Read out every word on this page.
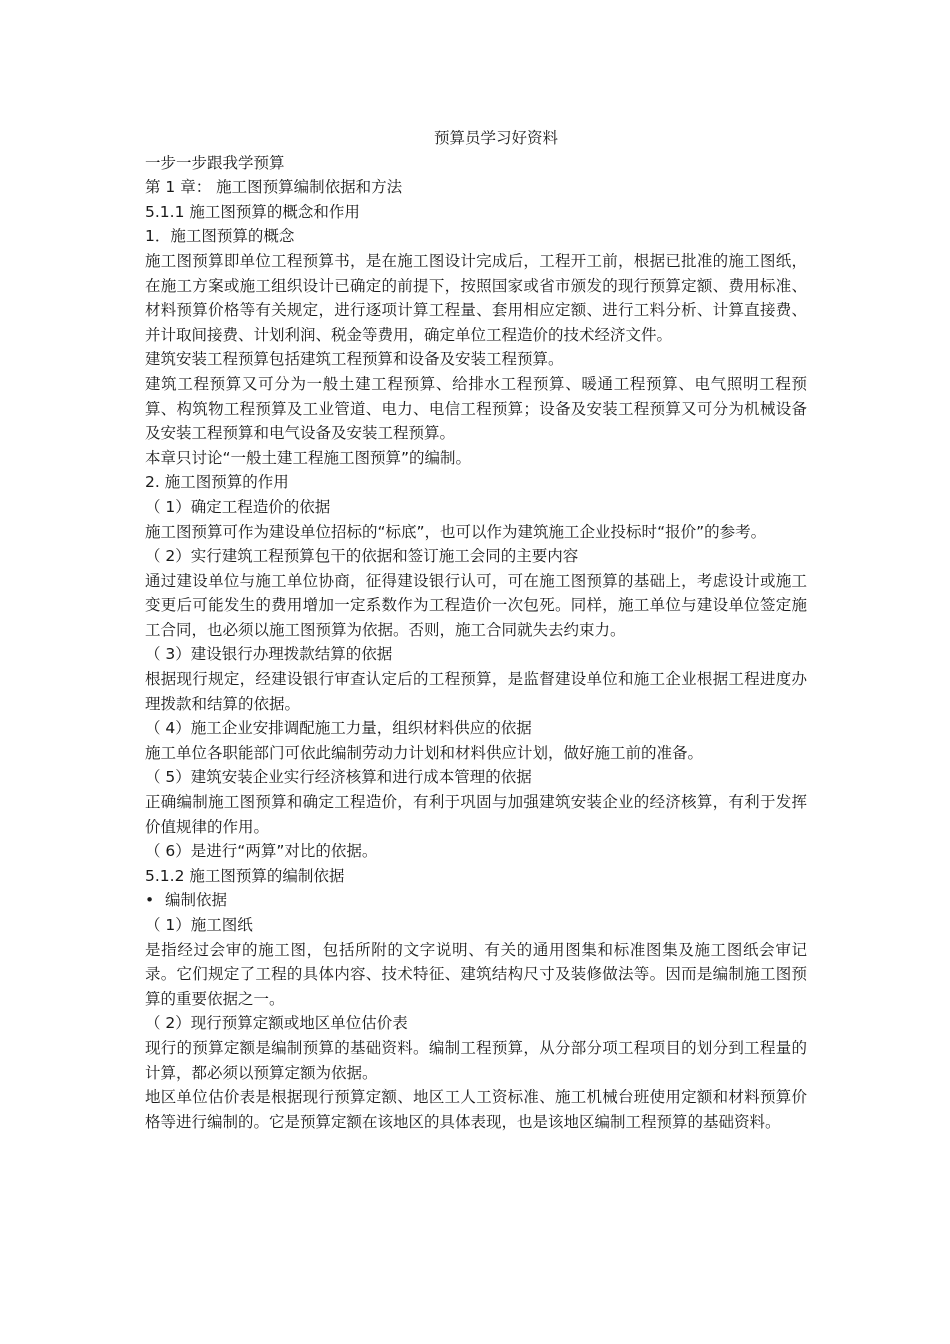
预算员学习好资料

一步一步跟我学预算

第 1 章： 施工图预算编制依据和方法

5.1.1 施工图预算的概念和作用

1．施工图预算的概念

施工图预算即单位工程预算书，是在施工图设计完成后，工程开工前，根据已批准的施工图纸，在施工方案或施工组织设计已确定的前提下，按照国家或省市颁发的现行预算定额、费用标准、材料预算价格等有关规定，进行逐项计算工程量、套用相应定额、进行工料分析、计算直接费、并计取间接费、计划利润、税金等费用，确定单位工程造价的技术经济文件。

建筑安装工程预算包括建筑工程预算和设备及安装工程预算。

建筑工程预算又可分为一般土建工程预算、给排水工程预算、暖通工程预算、电气照明工程预算、构筑物工程预算及工业管道、电力、电信工程预算；设备及安装工程预算又可分为机械设备及安装工程预算和电气设备及安装工程预算。

本章只讨论“一般土建工程施工图预算”的编制。

2. 施工图预算的作用

（ 1）确定工程造价的依据

施工图预算可作为建设单位招标的“标底”，也可以作为建筑施工企业投标时“报价”的参考。

（ 2）实行建筑工程预算包干的依据和签订施工会同的主要内容

通过建设单位与施工单位协商，征得建设银行认可，可在施工图预算的基础上，考虑设计或施工变更后可能发生的费用增加一定系数作为工程造价一次包死。同样，施工单位与建设单位签定施工合同，也必须以施工图预算为依据。否则，施工合同就失去约束力。

（ 3）建设银行办理拨款结算的依据

根据现行规定，经建设银行审查认定后的工程预算，是监督建设单位和施工企业根据工程进度办理拨款和结算的依据。

（ 4）施工企业安排调配施工力量，组织材料供应的依据

施工单位各职能部门可依此编制劳动力计划和材料供应计划，做好施工前的准备。

（ 5）建筑安装企业实行经济核算和进行成本管理的依据

正确编制施工图预算和确定工程造价，有利于巩固与加强建筑安装企业的经济核算，有利于发挥价值规律的作用。

（ 6）是进行“两算”对比的依据。

5.1.2 施工图预算的编制依据

• 编制依据

（ 1）施工图纸

是指经过会审的施工图，包括所附的文字说明、有关的通用图集和标准图集及施工图纸会审记录。它们规定了工程的具体内容、技术特征、建筑结构尺寸及装修做法等。因而是编制施工图预算的重要依据之一。

（ 2）现行预算定额或地区单位估价表

现行的预算定额是编制预算的基础资料。编制工程预算，从分部分项工程项目的划分到工程量的计算，都必须以预算定额为依据。

地区单位估价表是根据现行预算定额、地区工人工资标准、施工机械台班使用定额和材料预算价格等进行编制的。它是预算定额在该地区的具体表现，也是该地区编制工程预算的基础资料。
